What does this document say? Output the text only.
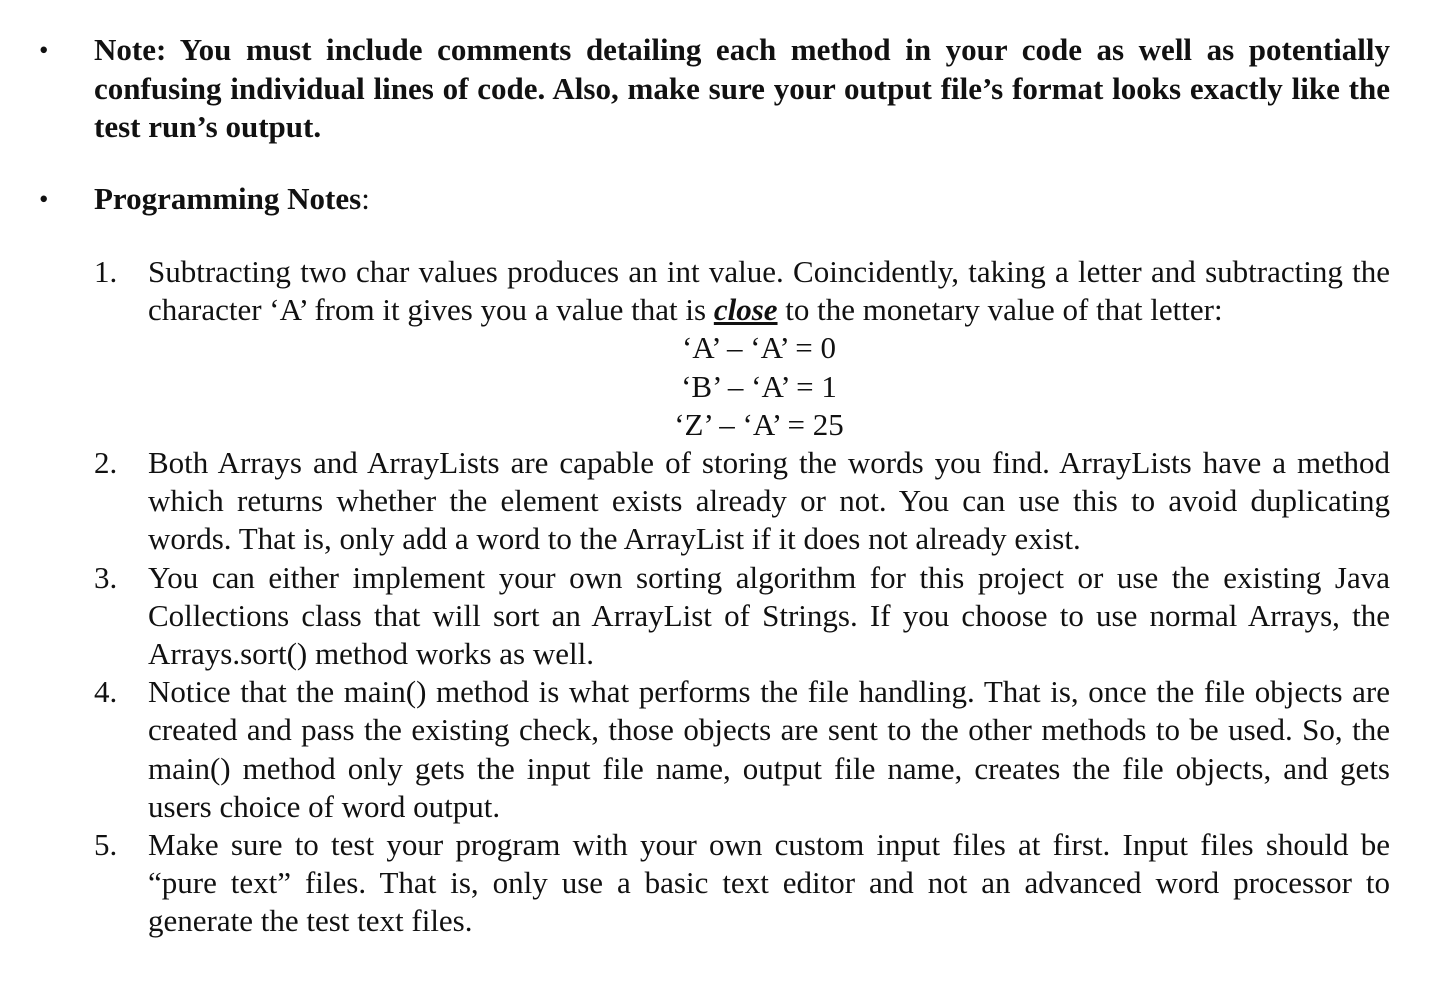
• Note: You must include comments detailing each method in your code as well as potentially confusing individual lines of code. Also, make sure your output file’s format looks exactly like the test run’s output.
• Programming Notes:
1. Subtracting two char values produces an int value. Coincidently, taking a letter and subtracting the character ‘A’ from it gives you a value that is close to the monetary value of that letter:
‘A’ – ‘A’ = 0
‘B’ – ‘A’ = 1
‘Z’ – ‘A’ = 25
2. Both Arrays and ArrayLists are capable of storing the words you find. ArrayLists have a method which returns whether the element exists already or not. You can use this to avoid duplicating words. That is, only add a word to the ArrayList if it does not already exist.
3. You can either implement your own sorting algorithm for this project or use the existing Java Collections class that will sort an ArrayList of Strings. If you choose to use normal Arrays, the Arrays.sort() method works as well.
4. Notice that the main() method is what performs the file handling. That is, once the file objects are created and pass the existing check, those objects are sent to the other methods to be used. So, the main() method only gets the input file name, output file name, creates the file objects, and gets users choice of word output.
5. Make sure to test your program with your own custom input files at first. Input files should be “pure text” files. That is, only use a basic text editor and not an advanced word processor to generate the test text files.
